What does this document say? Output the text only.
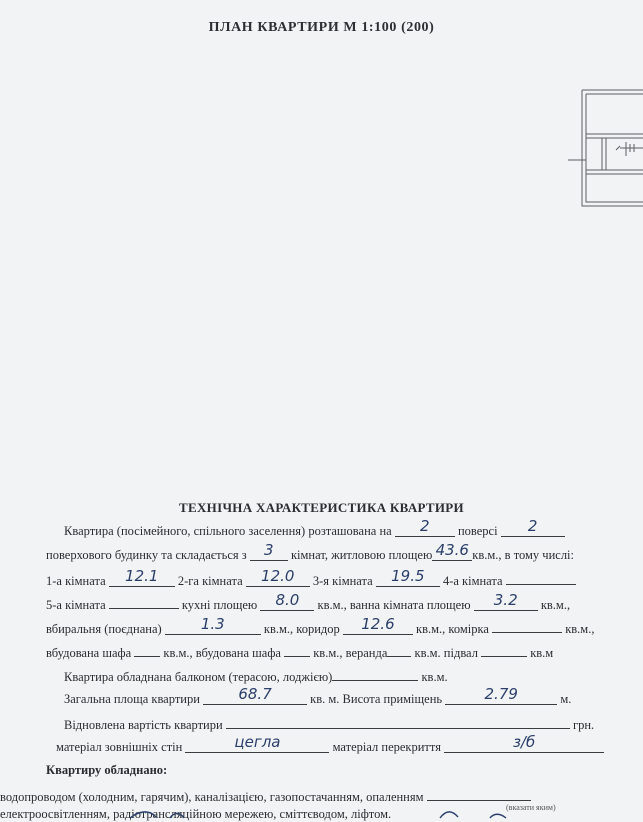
ПЛАН КВАРТИРИ М 1:100 (200)
ТЕХНІЧНА ХАРАКТЕРИСТИКА КВАРТИРИ
Квартира (посімейного, спільного заселення) розташована на 2 поверсі 2
поверхового будинку та складається з 3 кімнат, житловою площею 43.6 кв.м., в тому числі:
1-а кімната 12.1 2-га кімната 12.0 3-я кімната 19.5 4-а кімната
5-а кімната	кухні площею 8.0 кв.м., ванна кімната площею 3.2 кв.м.,
вбиральня (поєднана) 1.3	кв.м., коридор 12.6 кв.м., комірка	кв.м.,
вбудована шафа  кв.м., вбудована шафа  кв.м., веранда кв.м. підвал	кв.м
Квартира обладнана балконом (терасою, лоджією)	кв.м.
Загальна площа квартири 68.7	кв. м. Висота приміщень	2.79	м.
Відновлена вартість квартири	грн.
матеріал зовнішніх стін	цегла	матеріал перекриття	з/б
Квартиру обладнано:
водопроводом (холодним, гарячим), каналізацією, газопостачанням, опаленням
(вказати яким)
електроосвітленням, радіотрансляційною мережею, сміттєводом, ліфтом.
